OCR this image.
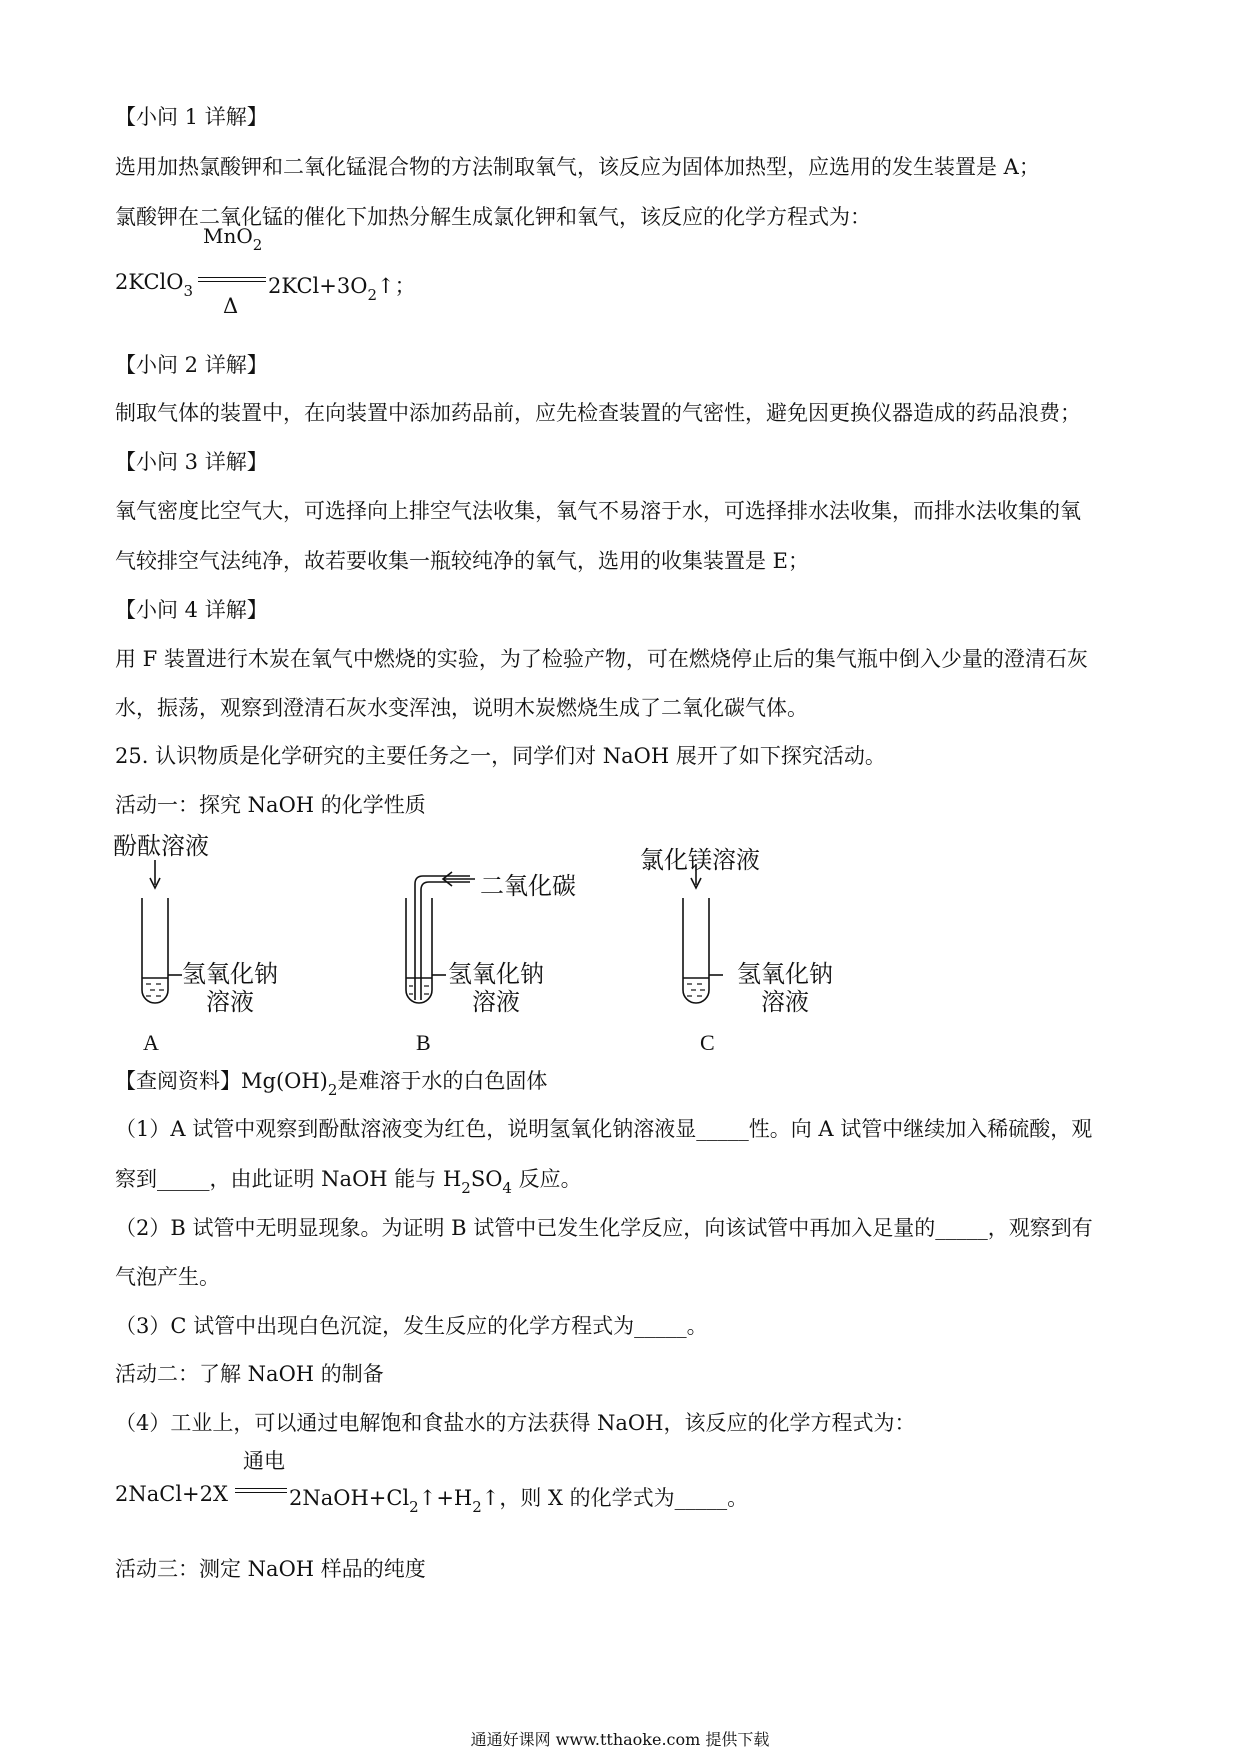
【小问 1 详解】
选用加热氯酸钾和二氧化锰混合物的方法制取氧气，该反应为固体加热型，应选用的发生装置是 A；
氯酸钾在二氧化锰的催化下加热分解生成氯化钾和氧气，该反应的化学方程式为：
2KClO$_3$
MnO$_2$
Δ
$2KCl+3O_2↑$；
【小问 2 详解】
制取气体的装置中，在向装置中添加药品前，应先检查装置的气密性，避免因更换仪器造成的药品浪费；
【小问 3 详解】
氧气密度比空气大，可选择向上排空气法收集，氧气不易溶于水，可选择排水法收集，而排水法收集的氧
气较排空气法纯净，故若要收集一瓶较纯净的氧气，选用的收集装置是 E；
【小问 4 详解】
用 F 装置进行木炭在氧气中燃烧的实验，为了检验产物，可在燃烧停止后的集气瓶中倒入少量的澄清石灰
水，振荡，观察到澄清石灰水变浑浊，说明木炭燃烧生成了二氧化碳气体。
25. 认识物质是化学研究的主要任务之一，同学们对 NaOH 展开了如下探究活动。
活动一：探究 NaOH 的化学性质
酚酞溶液
二氧化碳
氯化镁溶液
氢氧化钠
溶液
氢氧化钠
溶液
氢氧化钠
溶液
A	B	C
【查阅资料】$Mg(OH)_2$是难溶于水的白色固体
（1）A 试管中观察到酚酞溶液变为红色，说明氢氧化钠溶液显_____性。向 A 试管中继续加入稀硫酸，观
察到_____，由此证明 NaOH 能与 $H_2SO_4$ 反应。
（2）B 试管中无明显现象。为证明 B 试管中已发生化学反应，向该试管中再加入足量的_____，观察到有
气泡产生。
（3）C 试管中出现白色沉淀，发生反应的化学方程式为_____。
活动二：了解 NaOH 的制备
（4）工业上，可以通过电解饱和食盐水的方法获得 NaOH，该反应的化学方程式为：
2NaCl+2X
通电
$2NaOH+Cl_2↑+H_2↑$，则 X 的化学式为_____。
活动三：测定 NaOH 样品的纯度
通通好课网 www.tthaoke.com 提供下载
